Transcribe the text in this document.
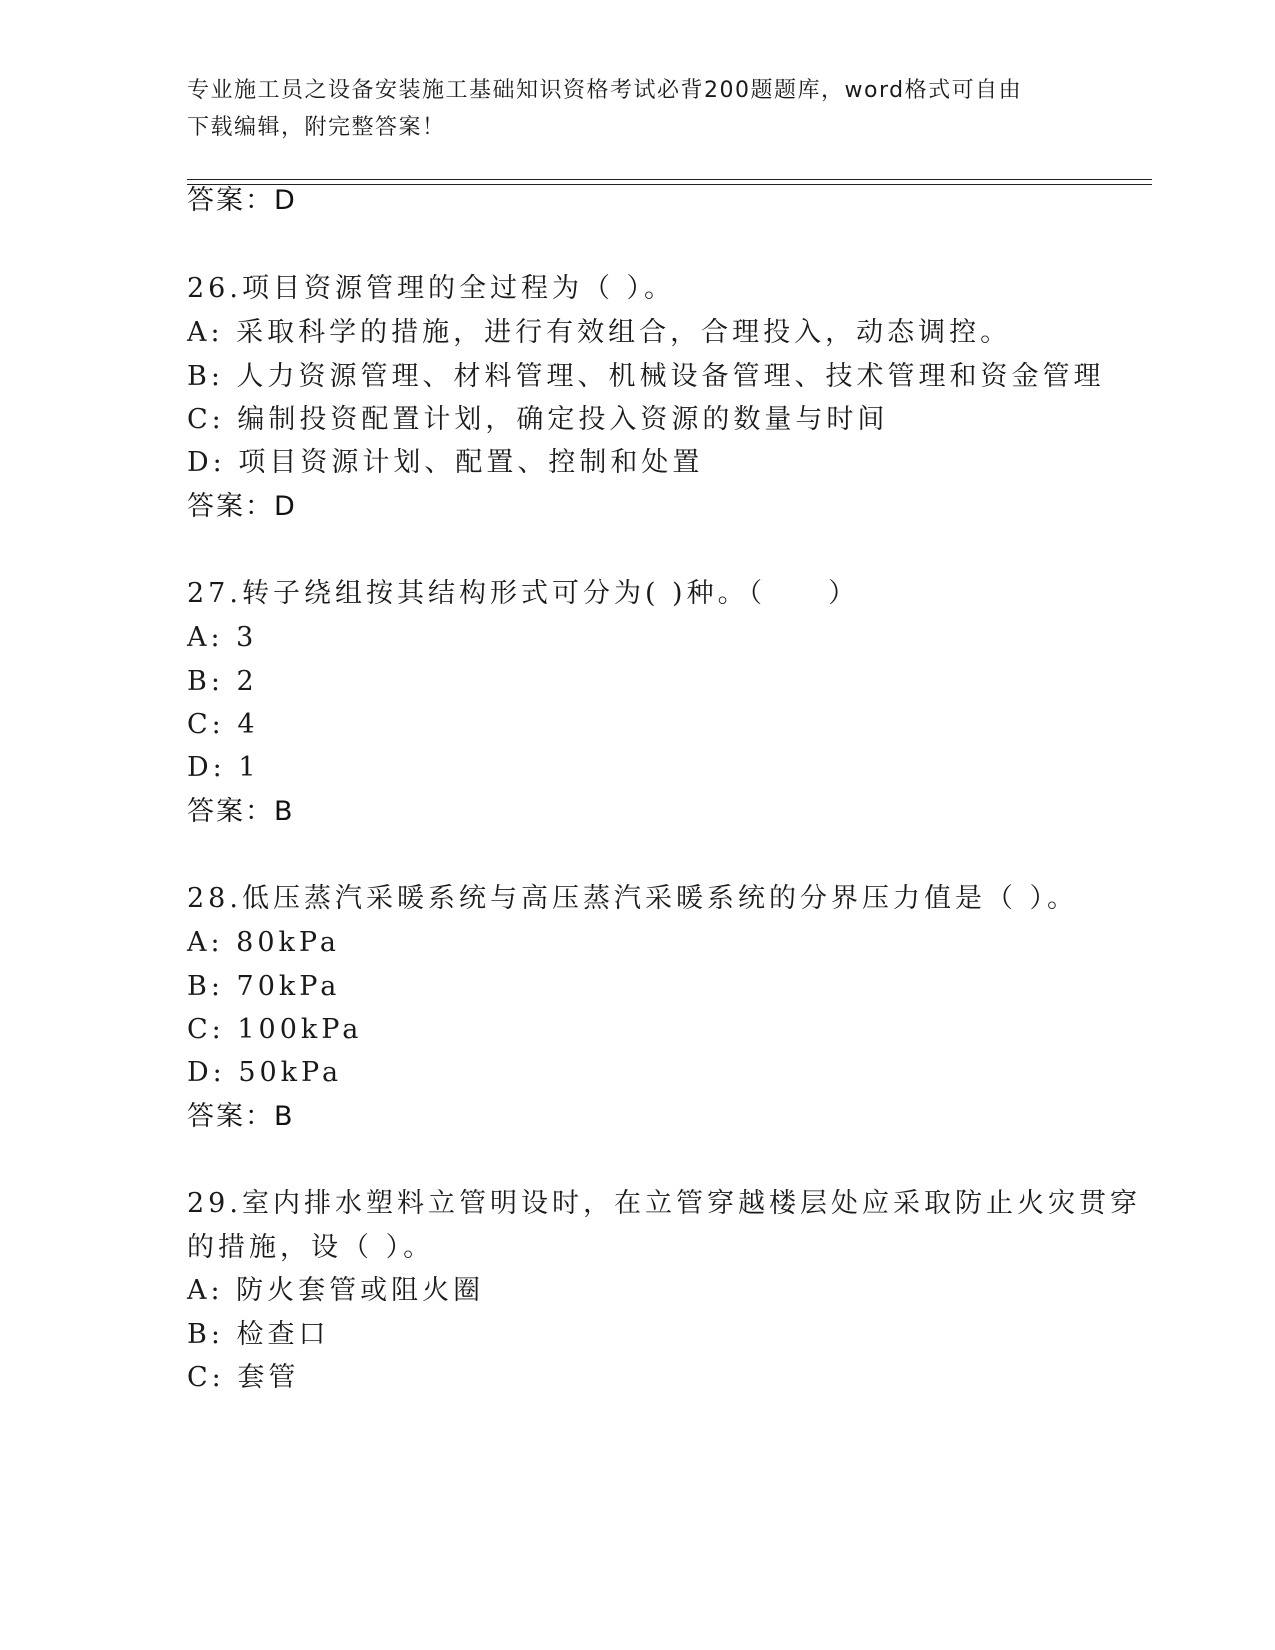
专业施工员之设备安装施工基础知识资格考试必背200题题库，word格式可自由
下载编辑，附完整答案！
答案：D
26.项目资源管理的全过程为（ ）。
A: 采取科学的措施，进行有效组合，合理投入，动态调控。
B: 人力资源管理、材料管理、机械设备管理、技术管理和资金管理
C: 编制投资配置计划，确定投入资源的数量与时间
D: 项目资源计划、配置、控制和处置
答案：D
27.转子绕组按其结构形式可分为( )种。（　　）
A: 3
B: 2
C: 4
D: 1
答案：B
28.低压蒸汽采暖系统与高压蒸汽采暖系统的分界压力值是（ ）。
A: 80kPa
B: 70kPa
C: 100kPa
D: 50kPa
答案：B
29.室内排水塑料立管明设时，在立管穿越楼层处应采取防止火灾贯穿
的措施，设（ ）。
A: 防火套管或阻火圈
B: 检查口
C: 套管
